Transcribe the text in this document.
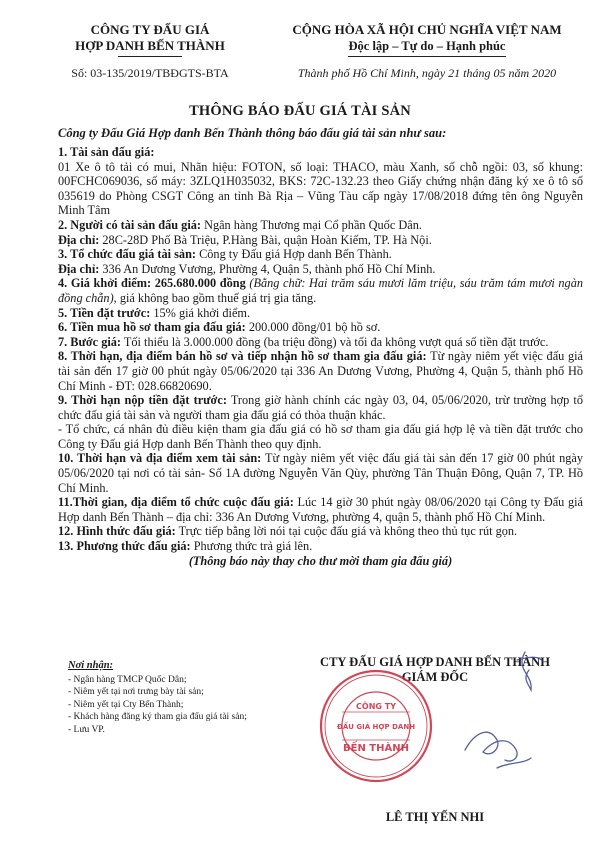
CÔNG TY ĐẤU GIÁ
HỢP DANH BẾN THÀNH
Số: 03-135/2019/TBĐGTS-BTA
CỘNG HÒA XÃ HỘI CHỦ NGHĨA VIỆT NAM
Độc lập – Tự do – Hạnh phúc
Thành phố Hồ Chí Minh, ngày 21 tháng 05 năm 2020
THÔNG BÁO ĐẤU GIÁ TÀI SẢN
Công ty Đấu Giá Hợp danh Bến Thành thông báo đấu giá tài sản như sau:

1. Tài sản đấu giá:

01 Xe ô tô tải có mui, Nhãn hiệu: FOTON, số loại: THACO, màu Xanh, số chỗ ngồi: 03, số khung: 00FCHC069036, số máy: 3ZLQ1H035032, BKS: 72C-132.23 theo Giấy chứng nhận đăng ký xe ô tô số 035619 do Phòng CSGT Công an tỉnh Bà Rịa – Vũng Tàu cấp ngày 17/08/2018 đứng tên ông Nguyễn Minh Tâm

2. Người có tài sản đấu giá: Ngân hàng Thương mại Cổ phần Quốc Dân.

Địa chỉ: 28C-28D Phố Bà Triệu, P.Hàng Bài, quận Hoàn Kiếm, TP. Hà Nội.

3. Tổ chức đấu giá tài sản: Công ty Đấu giá Hợp danh Bến Thành.

Địa chỉ: 336 An Dương Vương, Phường 4, Quận 5, thành phố Hồ Chí Minh.

4. Giá khởi điểm: 265.680.000 đồng (Bằng chữ: Hai trăm sáu mươi lăm triệu, sáu trăm tám mươi ngàn đồng chẵn), giá không bao gồm thuế giá trị gia tăng.

5. Tiền đặt trước: 15% giá khởi điểm.

6. Tiền mua hồ sơ tham gia đấu giá: 200.000 đồng/01 bộ hồ sơ.

7. Bước giá: Tối thiểu là 3.000.000 đồng (ba triệu đồng) và tối đa không vượt quá số tiền đặt trước.

8. Thời hạn, địa điểm bán hồ sơ và tiếp nhận hồ sơ tham gia đấu giá: Từ ngày niêm yết việc đấu giá tài sản đến 17 giờ 00 phút ngày 05/06/2020 tại 336 An Dương Vương, Phường 4, Quận 5, thành phố Hồ Chí Minh - ĐT: 028.66820690.

9. Thời hạn nộp tiền đặt trước: Trong giờ hành chính các ngày 03, 04, 05/06/2020, trừ trường hợp tổ chức đấu giá tài sản và người tham gia đấu giá có thỏa thuận khác.

- Tổ chức, cá nhân đủ điều kiện tham gia đấu giá có hồ sơ tham gia đấu giá hợp lệ và tiền đặt trước cho Công ty Đấu giá Hợp danh Bến Thành theo quy định.

10. Thời hạn và địa điểm xem tài sản: Từ ngày niêm yết việc đấu giá tài sản đến 17 giờ 00 phút ngày 05/06/2020 tại nơi có tài sản- Số 1A đường Nguyễn Văn Qùy, phường Tân Thuận Đông, Quận 7, TP. Hồ Chí Minh.

11.Thời gian, địa điểm tổ chức cuộc đấu giá: Lúc 14 giờ 30 phút ngày 08/06/2020 tại Công ty Đấu giá Hợp danh Bến Thành – địa chỉ: 336 An Dương Vương, phường 4, quận 5, thành phố Hồ Chí Minh.

12. Hình thức đấu giá: Trực tiếp bằng lời nói tại cuộc đấu giá và không theo thủ tục rút gọn.

13. Phương thức đấu giá: Phương thức trả giá lên.

(Thông báo này thay cho thư mời tham gia đấu giá)

Nơi nhận:
- Ngân hàng TMCP Quốc Dân;
- Niêm yết tại nơi trưng bày tài sản;
- Niêm yết tại Cty Bến Thành;
- Khách hàng đăng ký tham gia đấu giá tài sản;
- Lưu VP.
CTY ĐẤU GIÁ HỢP DANH BẾN THÀNH
GIÁM ĐỐC
CÔNG TY
ĐẤU GIÁ HỢP DANH
BẾN THÀNH
LÊ THỊ YẾN NHI
